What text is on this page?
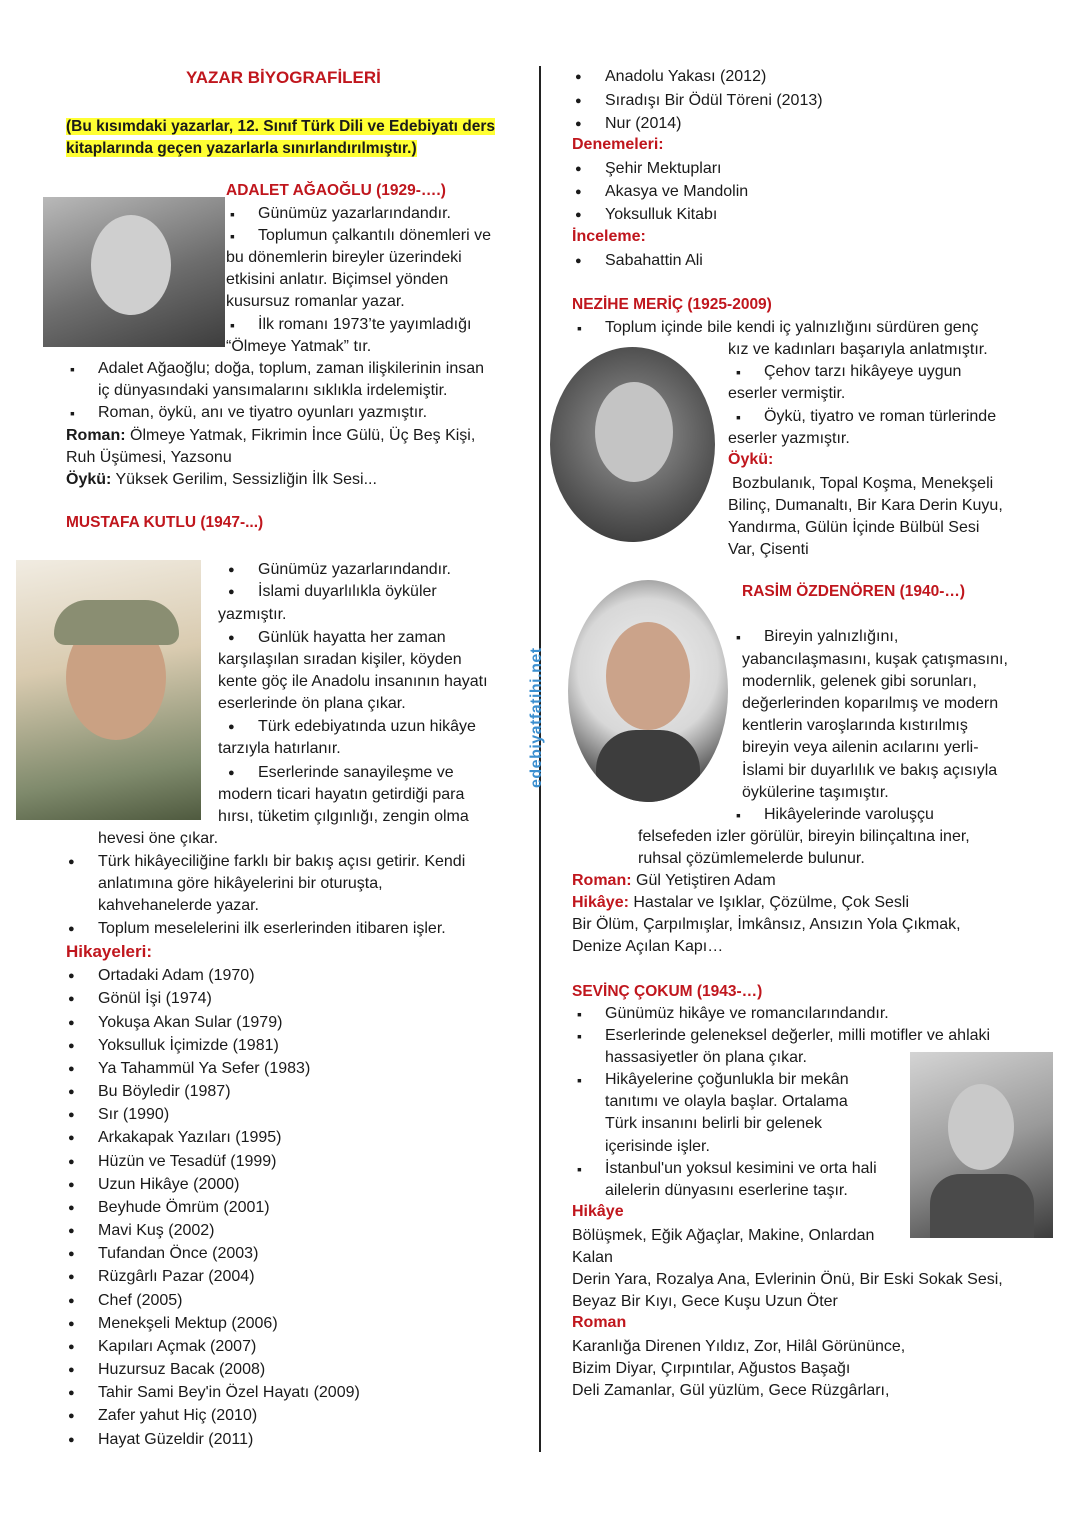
YAZAR BİYOGRAFİLERİ
(Bu kısımdaki yazarlar, 12. Sınıf Türk Dili ve Edebiyatı ders
kitaplarında geçen yazarlarla sınırlandırılmıştır.)
edebiyatfatihi.net
ADALET AĞAOĞLU (1929-….)
▪ Günümüz yazarlarındandır.
▪ Toplumun çalkantılı dönemleri ve
bu dönemlerin bireyler üzerindeki
etkisini anlatır. Biçimsel yönden
kusursuz romanlar yazar.
▪ İlk romanı 1973’te yayımladığı
“Ölmeye Yatmak” tır.
▪ Adalet Ağaoğlu; doğa, toplum, zaman ilişkilerinin insan
iç dünyasındaki yansımalarını sıklıkla irdelemiştir.
▪ Roman, öykü, anı ve tiyatro oyunları yazmıştır.
Roman: Ölmeye Yatmak, Fikrimin İnce Gülü, Üç Beş Kişi,
Ruh Üşümesi, Yazsonu
Öykü: Yüksek Gerilim, Sessizliğin İlk Sesi...
MUSTAFA KUTLU (1947-...)
● Günümüz yazarlarındandır.
● İslami duyarlılıkla öyküler
yazmıştır.
● Günlük hayatta her zaman
karşılaşılan sıradan kişiler, köyden
kente göç ile Anadolu insanının hayatı
eserlerinde ön plana çıkar.
● Türk edebiyatında uzun hikâye
tarzıyla hatırlanır.
● Eserlerinde sanayileşme ve
modern ticari hayatın getirdiği para
hırsı, tüketim çılgınlığı, zengin olma
hevesi öne çıkar.
● Türk hikâyeciliğine farklı bir bakış açısı getirir. Kendi
anlatımına göre hikâyelerini bir oturuşta,
kahvehanelerde yazar.
● Toplum meselelerini ilk eserlerinden itibaren işler.
Hikayeleri:
● Ortadaki Adam (1970)
● Gönül İşi (1974)
● Yokuşa Akan Sular (1979)
● Yoksulluk İçimizde (1981)
● Ya Tahammül Ya Sefer (1983)
● Bu Böyledir (1987)
● Sır (1990)
● Arkakapak Yazıları (1995)
● Hüzün ve Tesadüf (1999)
● Uzun Hikâye (2000)
● Beyhude Ömrüm (2001)
● Mavi Kuş (2002)
● Tufandan Önce (2003)
● Rüzgârlı Pazar (2004)
● Chef (2005)
● Menekşeli Mektup (2006)
● Kapıları Açmak (2007)
● Huzursuz Bacak (2008)
● Tahir Sami Bey'in Özel Hayatı (2009)
● Zafer yahut Hiç (2010)
● Hayat Güzeldir (2011)
● Anadolu Yakası (2012)
● Sıradışı Bir Ödül Töreni (2013)
● Nur (2014)
Denemeleri:
● Şehir Mektupları
● Akasya ve Mandolin
● Yoksulluk Kitabı
İnceleme:
● Sabahattin Ali
NEZİHE MERİÇ (1925-2009)
▪ Toplum içinde bile kendi iç yalnızlığını sürdüren genç
kız ve kadınları başarıyla anlatmıştır.
▪ Çehov tarzı hikâyeye uygun
eserler vermiştir.
▪ Öykü, tiyatro ve roman türlerinde
eserler yazmıştır.
Öykü:
Bozbulanık, Topal Koşma, Menekşeli
Bilinç, Dumanaltı, Bir Kara Derin Kuyu,
Yandırma, Gülün İçinde Bülbül Sesi
Var, Çisenti
RASİM ÖZDENÖREN (1940-…)
▪ Bireyin yalnızlığını,
yabancılaşmasını, kuşak çatışmasını,
modernlik, gelenek gibi sorunları,
değerlerinden koparılmış ve modern
kentlerin varoşlarında kıstırılmış
bireyin veya ailenin acılarını yerli-
İslami bir duyarlılık ve bakış açısıyla
öykülerine taşımıştır.
▪ Hikâyelerinde varoluşçu
felsefeden izler görülür, bireyin bilinçaltına iner,
ruhsal çözümlemelerde bulunur.
Roman: Gül Yetiştiren Adam
Hikâye: Hastalar ve Işıklar, Çözülme, Çok Sesli
Bir Ölüm, Çarpılmışlar, İmkânsız, Ansızın Yola Çıkmak,
Denize Açılan Kapı…
SEVİNÇ ÇOKUM (1943-…)
▪ Günümüz hikâye ve romancılarındandır.
▪ Eserlerinde geleneksel değerler, milli motifler ve ahlaki
hassasiyetler ön plana çıkar.
▪ Hikâyelerine çoğunlukla bir mekân
tanıtımı ve olayla başlar. Ortalama
Türk insanını belirli bir gelenek
içerisinde işler.
▪ İstanbul'un yoksul kesimini ve orta hali
ailelerin dünyasını eserlerine taşır.
Hikâye
Bölüşmek, Eğik Ağaçlar, Makine, Onlardan
Kalan
Derin Yara, Rozalya Ana, Evlerinin Önü, Bir Eski Sokak Sesi,
Beyaz Bir Kıyı, Gece Kuşu Uzun Öter
Roman
Karanlığa Direnen Yıldız, Zor, Hilâl Görününce,
Bizim Diyar, Çırpıntılar, Ağustos Başağı
Deli Zamanlar, Gül yüzlüm, Gece Rüzgârları,
